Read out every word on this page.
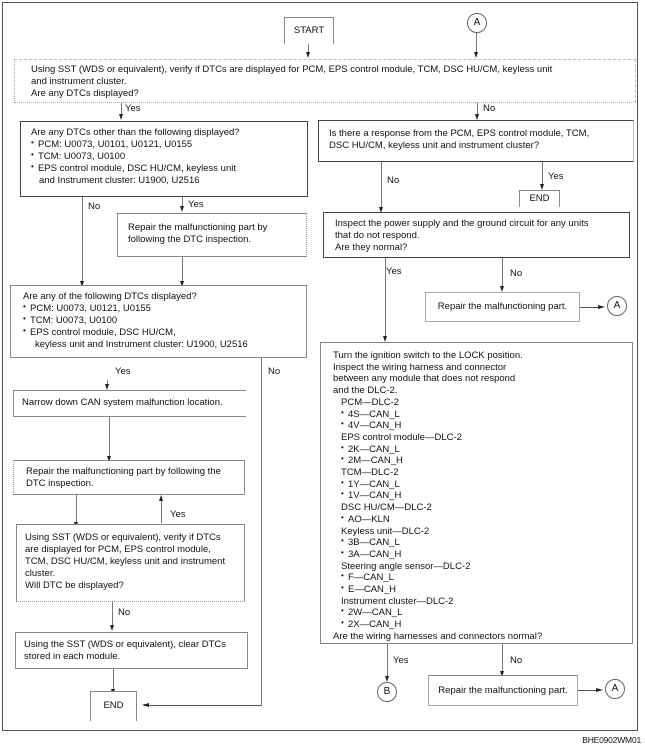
START
A

Using SST (WDS or equivalent), verify if DTCs are displayed for PCM, EPS control module, TCM, DSC HU/CM, keyless unit

and instrument cluster.

Are any DTCs displayed?

Yes	No

Are any DTCs other than the following displayed?

• PCM: U0073, U0101, U0121, U0155
• TCM: U0073, U0100
• EPS control module, DSC HU/CM, keyless unit

and Instrument cluster: U1900, U2516

No	Yes

Repair the malfunctioning part by

following the DTC inspection.

Are any of the following DTCs displayed?

• PCM: U0073, U0121, U0155
• TCM: U0073, U0100
• EPS control module, DSC HU/CM,

keyless unit and Instrument cluster: U1900, U2516

Yes	No

Narrow down CAN system malfunction location.

Repair the malfunctioning part by following the

DTC inspection.

Yes

Using SST (WDS or equivalent), verify if DTCs

are displayed for PCM, EPS control module,

TCM, DSC HU/CM, keyless unit and instrument

cluster.

Will DTC be displayed?

No

Using the SST (WDS or equivalent), clear DTCs

stored in each module.

END

Is there a response from the PCM, EPS control module, TCM,

DSC HU/CM, keyless unit and instrument cluster?

No	Yes
END

Inspect the power supply and the ground circuit for any units

that do not respond.

Are they normal?

Yes	No
Repair the malfunctioning part.	A

Turn the ignition switch to the LOCK position.

Inspect the wiring harness and connector

between any module that does not respond

and the DLC-2.

PCM—DLC-2

• 4S—CAN_L
• 4V—CAN_H

EPS control module—DLC-2

• 2K—CAN_L
• 2M—CAN_H

TCM—DLC-2

• 1Y—CAN_L
• 1V—CAN_H

DSC HU/CM—DLC-2

• AO—KLN

Keyless unit—DLC-2

• 3B—CAN_L
• 3A—CAN_H

Steering angle sensor—DLC-2

• F—CAN_L
• E—CAN_H

Instrument cluster—DLC-2

• 2W—CAN_L
• 2X—CAN_H

Are the wiring harnesses and connectors normal?

Yes
B
No
Repair the malfunctioning part.	A
BHE0902WM01
